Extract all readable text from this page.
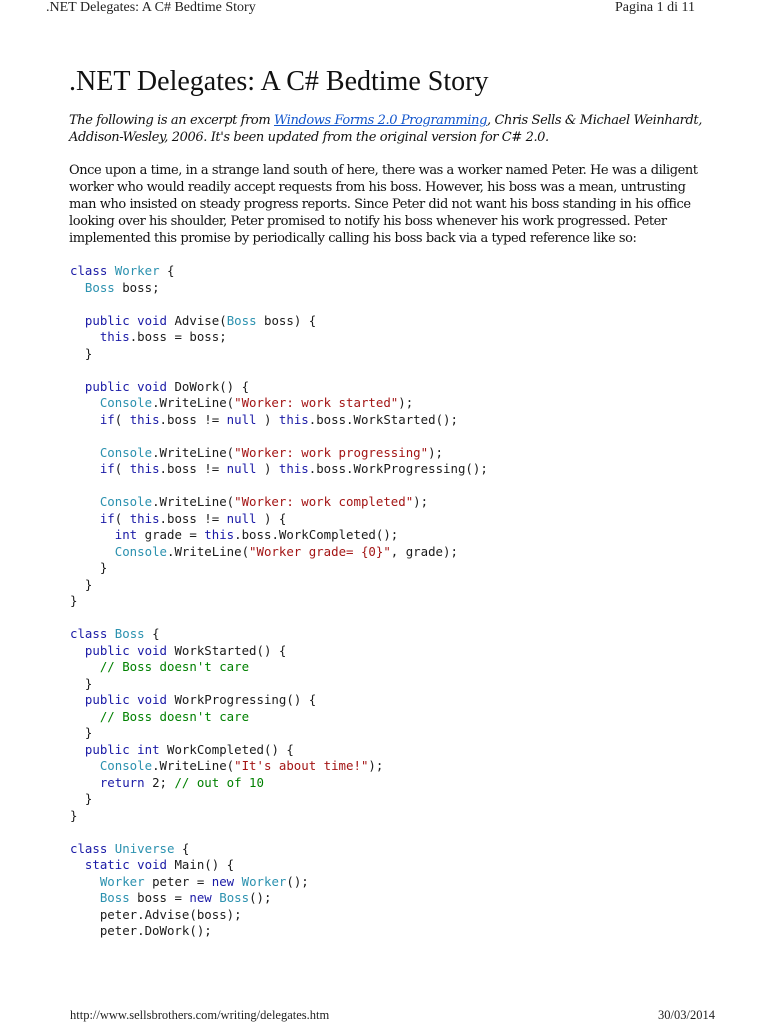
.NET Delegates: A C# Bedtime Story	Pagina 1 di 11
.NET Delegates: A C# Bedtime Story

The following is an excerpt from Windows Forms 2.0 Programming, Chris Sells & Michael Weinhardt, Addison-Wesley, 2006. It's been updated from the original version for C# 2.0.

Once upon a time, in a strange land south of here, there was a worker named Peter. He was a diligent worker who would readily accept requests from his boss. However, his boss was a mean, untrusting man who insisted on steady progress reports. Since Peter did not want his boss standing in his office looking over his shoulder, Peter promised to notify his boss whenever his work progressed. Peter implemented this promise by periodically calling his boss back via a typed reference like so:

class Worker {
Boss boss;

public void Advise(Boss boss) {
this.boss = boss;
}

public void DoWork() {
Console.WriteLine("Worker: work started");
if( this.boss != null ) this.boss.WorkStarted();

Console.WriteLine("Worker: work progressing");
if( this.boss != null ) this.boss.WorkProgressing();

Console.WriteLine("Worker: work completed");
if( this.boss != null ) {
int grade = this.boss.WorkCompleted();
Console.WriteLine("Worker grade= {0}", grade);
}
}
}

class Boss {
public void WorkStarted() {
// Boss doesn't care
}
public void WorkProgressing() {
// Boss doesn't care
}
public int WorkCompleted() {
Console.WriteLine("It's about time!");
return 2; // out of 10
}
}

class Universe {
static void Main() {
Worker peter = new Worker();
Boss boss = new Boss();
peter.Advise(boss);
peter.DoWork();
http://www.sellsbrothers.com/writing/delegates.htm	30/03/2014
